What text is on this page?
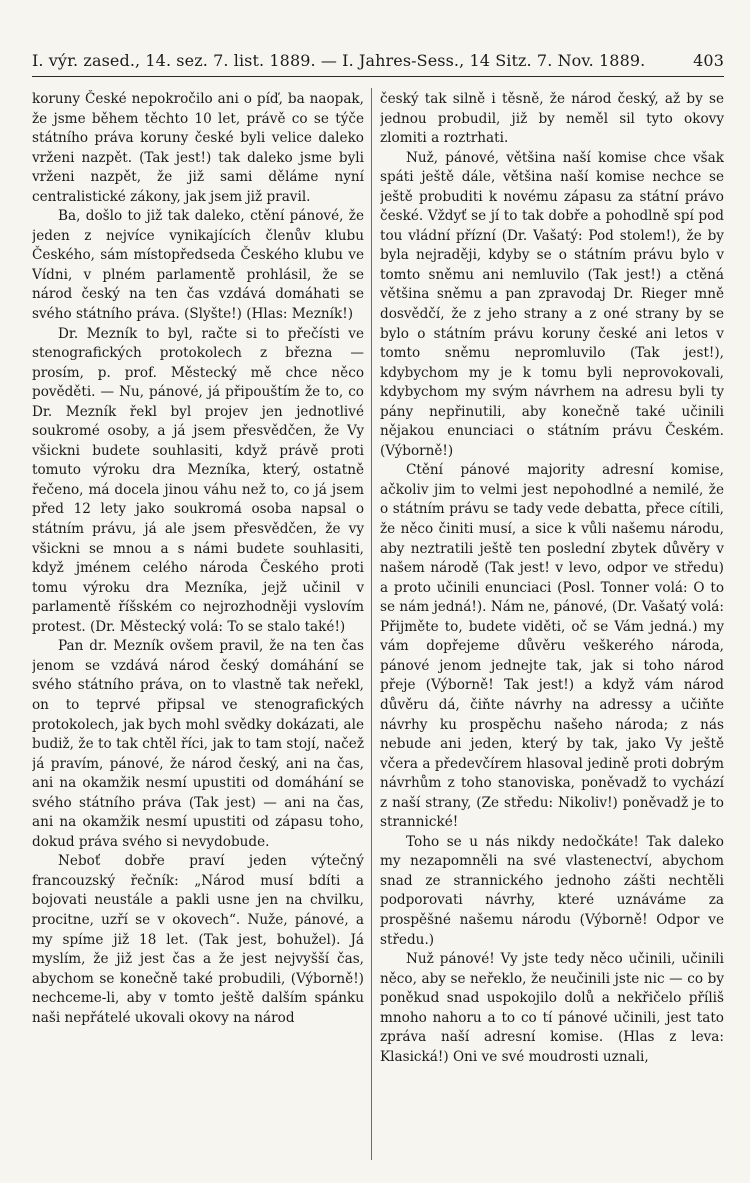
I. výr. zased., 14. sez. 7. list. 1889. — I. Jahres-Sess., 14 Sitz. 7. Nov. 1889.	403

koruny České nepokročilo ani o píď, ba naopak, že jsme během těchto 10 let, právě co se týče státního práva koruny české byli velice daleko vrženi nazpět. (Tak jest!) tak daleko jsme byli vrženi nazpět, že již sami děláme nyní centralistické zákony, jak jsem již pravil.

Ba, došlo to již tak daleko, ctění pánové, že jeden z nejvíce vynikajících členův klubu Českého, sám místopředseda Českého klubu ve Vídni, v plném parlamentě prohlásil, že se národ český na ten čas vzdává domáhati se svého státního práva. (Slyšte!) (Hlas: Mezník!)

Dr. Mezník to byl, račte si to přečísti ve stenografických protokolech z března — prosím, p. prof. Městecký mě chce něco pověděti. — Nu, pánové, já připouštím že to, co Dr. Mezník řekl byl projev jen jednotlivé soukromé osoby, a já jsem přesvědčen, že Vy všickni budete souhlasiti, když právě proti tomuto výroku dra Mezníka, který, ostatně řečeno, má docela jinou váhu než to, co já jsem před 12 lety jako soukromá osoba napsal o státním právu, já ale jsem přesvědčen, že vy všickni se mnou a s námi budete souhlasiti, když jménem celého národa Českého proti tomu výroku dra Mezníka, jejž učinil v parlamentě říšském co nejrozhodněji vyslovím protest. (Dr. Městecký volá: To se stalo také!)

Pan dr. Mezník ovšem pravil, že na ten čas jenom se vzdává národ český domáhání se svého státního práva, on to vlastně tak neřekl, on to teprvé připsal ve stenografických protokolech, jak bych mohl svědky dokázati, ale budiž, že to tak chtěl říci, jak to tam stojí, načež já pravím, pánové, že národ český, ani na čas, ani na okamžik nesmí upustiti od domáhání se svého státního práva (Tak jest) — ani na čas, ani na okamžik nesmí upustiti od zápasu toho, dokud práva svého si nevydobude.

Neboť dobře praví jeden výtečný francouzský řečník: „Národ musí bdíti a bojovati neustále a pakli usne jen na chvilku, procitne, uzří se v okovech“. Nuže, pánové, a my spíme již 18 let. (Tak jest, bohužel). Já myslím, že již jest čas a že jest nejvyšší čas, abychom se konečně také probudili, (Výborně!) nechceme-li, aby v tomto ještě dalším spánku naši nepřátelé ukovali okovy na národ

český tak silně i těsně, že národ český, až by se jednou probudil, již by neměl sil tyto okovy zlomiti a roztrhati.

Nuž, pánové, většina naší komise chce však spáti ještě dále, většina naší komise nechce se ještě probuditi k novému zápasu za státní právo české. Vždyť se jí to tak dobře a pohodlně spí pod tou vládní přízní (Dr. Vašatý: Pod stolem!), že by byla nejraději, kdyby se o státním právu bylo v tomto sněmu ani nemluvilo (Tak jest!) a ctěná většina sněmu a pan zpravodaj Dr. Rieger mně dosvědčí, že z jeho strany a z oné strany by se bylo o státním právu koruny české ani letos v tomto sněmu nepromluvilo (Tak jest!), kdybychom my je k tomu byli neprovokovali, kdybychom my svým návrhem na adresu byli ty pány nepřinutili, aby konečně také učinili nějakou enunciaci o státním právu Českém. (Výborně!)

Ctění pánové majority adresní komise, ačkoliv jim to velmi jest nepohodlné a nemilé, že o státním právu se tady vede debatta, přece cítili, že něco činiti musí, a sice k vůli našemu národu, aby neztratili ještě ten poslední zbytek důvěry v našem národě (Tak jest! v levo, odpor ve středu) a proto učinili enunciaci (Posl. Tonner volá: O to se nám jedná!). Nám ne, pánové, (Dr. Vašatý volá: Přijměte to, budete viděti, oč se Vám jedná.) my vám dopřejeme důvěru veškerého národa, pánové jenom jednejte tak, jak si toho národ přeje (Výborně! Tak jest!) a když vám národ důvěru dá, čiňte návrhy na adressy a učiňte návrhy ku prospěchu našeho národa; z nás nebude ani jeden, který by tak, jako Vy ještě včera a předevčírem hlasoval jedině proti dobrým návrhům z toho stanoviska, poněvadž to vychází z naší strany, (Ze středu: Nikoliv!) poněvadž je to strannické!

Toho se u nás nikdy nedočkáte! Tak daleko my nezapomněli na své vlastenectví, abychom snad ze strannického jednoho zášti nechtěli podporovati návrhy, které uznáváme za prospěšné našemu národu (Výborně! Odpor ve středu.)

Nuž pánové! Vy jste tedy něco učinili, učinili něco, aby se neřeklo, že neučinili jste nic — co by poněkud snad uspokojilo dolů a nekřičelo příliš mnoho nahoru a to co tí pánové učinili, jest tato zpráva naší adresní komise. (Hlas z leva: Klasická!) Oni ve své moudrosti uznali,
